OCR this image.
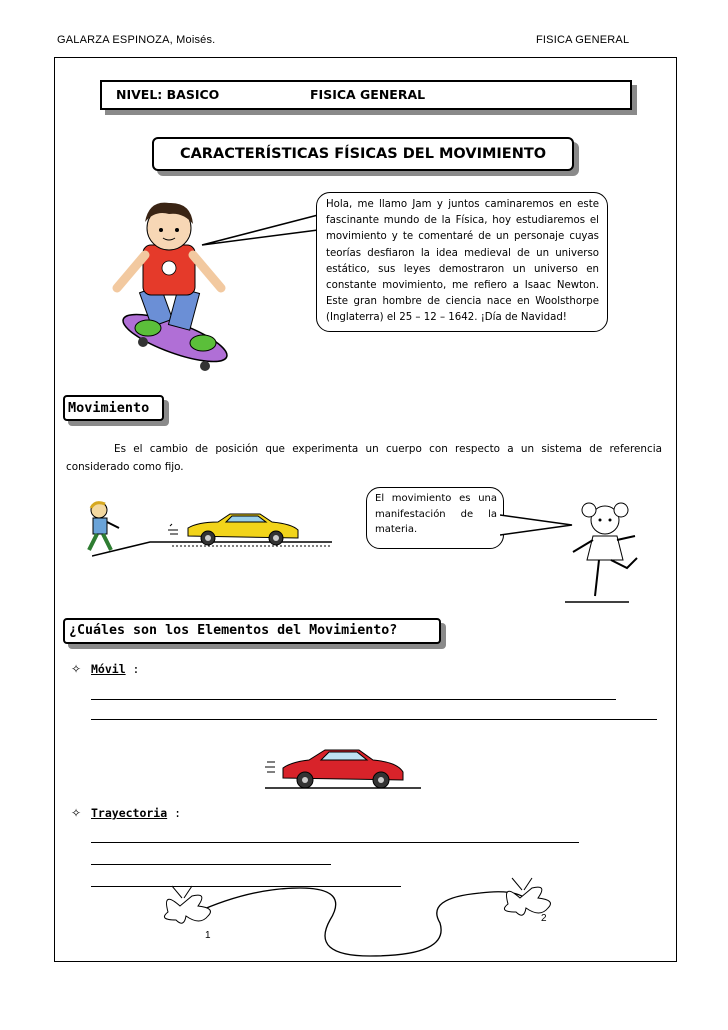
GALARZA ESPINOZA, Moisés.	FISICA GENERAL
NIVEL: BASICO	FISICA GENERAL
CARACTERÍSTICAS FÍSICAS DEL MOVIMIENTO
Hola, me llamo Jam y juntos caminaremos en este fascinante mundo de la Física, hoy estudiaremos el movimiento y te comentaré de un personaje cuyas teorías desfiaron la idea medieval de un universo estático, sus leyes demostraron un universo en constante movimiento, me refiero a Isaac Newton. Este gran hombre de ciencia nace en Woolsthorpe (Inglaterra) el 25 – 12 – 1642. ¡Día de Navidad!
Movimiento
Es el cambio de posición que experimenta un cuerpo con respecto a un sistema de referencia considerado como fijo.
El movimiento es una manifestación de la materia.
¿Cuáles son los Elementos del Movimiento?
✧ Móvil :
✧ Trayectoria :
1
2
